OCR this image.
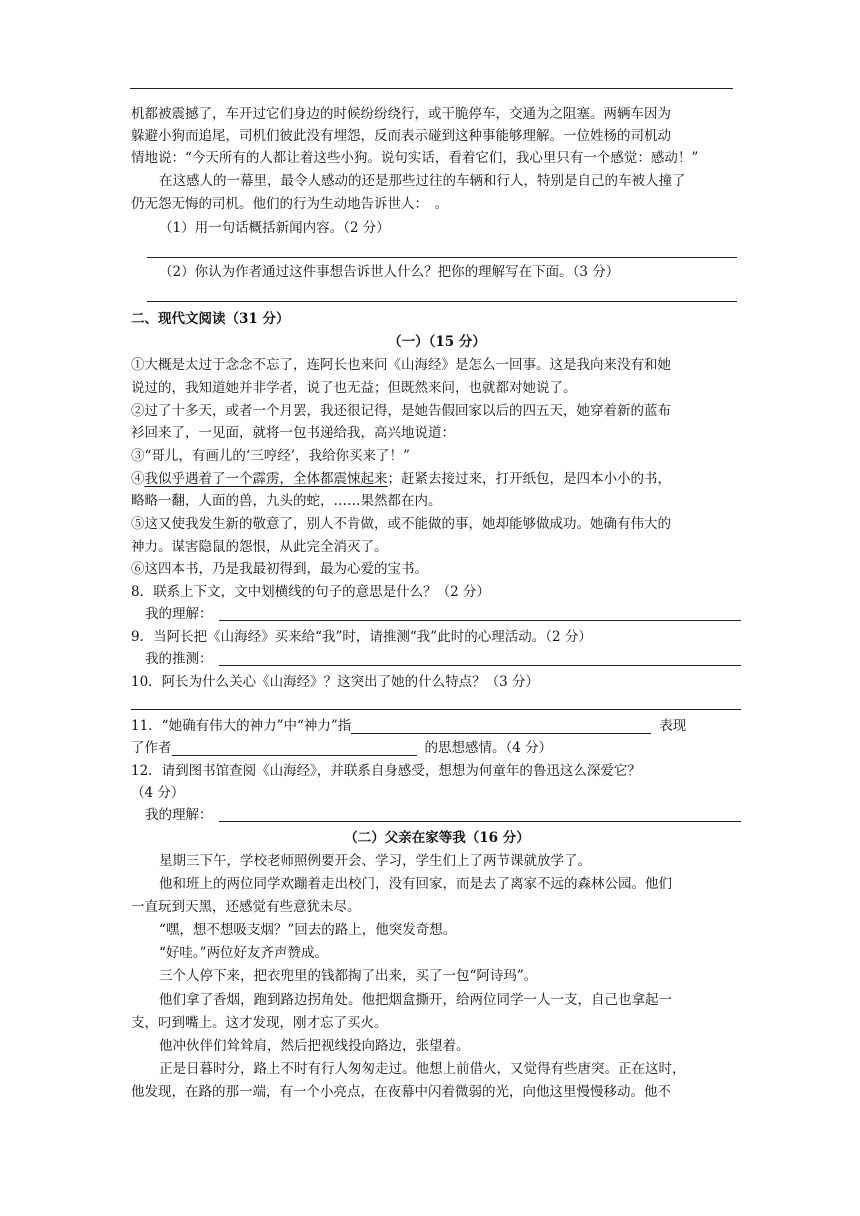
机都被震撼了，车开过它们身边的时候纷纷绕行，或干脆停车，交通为之阻塞。两辆车因为
躲避小狗而追尾，司机们彼此没有埋怨，反而表示碰到这种事能够理解。一位姓杨的司机动
情地说：“今天所有的人都让着这些小狗。说句实话，看着它们，我心里只有一个感觉：感动！”
在这感人的一幕里，最令人感动的还是那些过往的车辆和行人，特别是自己的车被人撞了
仍无怨无悔的司机。他们的行为生动地告诉世人：　。
（1）用一句话概括新闻内容。（2 分）
（2）你认为作者通过这件事想告诉世人什么？把你的理解写在下面。（3 分）
二、现代文阅读（31 分）
（一）（15 分）
①大概是太过于念念不忘了，连阿长也来问《山海经》是怎么一回事。这是我向来没有和她
说过的，我知道她并非学者，说了也无益；但既然来问，也就都对她说了。
②过了十多天，或者一个月罢，我还很记得，是她告假回家以后的四五天，她穿着新的蓝布
衫回来了，一见面，就将一包书递给我，高兴地说道：
③“哥儿，有画儿的‘三哼经’，我给你买来了！”
④我似乎遇着了一个霹雳，全体都震悚起来；赶紧去接过来，打开纸包，是四本小小的书，
略略一翻，人面的兽，九头的蛇，……果然都在内。
⑤这又使我发生新的敬意了，别人不肯做，或不能做的事，她却能够做成功。她确有伟大的
神力。谋害隐鼠的怨恨，从此完全消灭了。
⑥这四本书，乃是我最初得到，最为心爱的宝书。
8．联系上下文，文中划横线的句子的意思是什么？（2 分）
我的理解：
9．当阿长把《山海经》买来给“我”时，请推测“我”此时的心理活动。（2 分）
我的推测：
10．阿长为什么关心《山海经》？这突出了她的什么特点？（3 分）
11．“她确有伟大的神力”中“神力”指	表现
了作者	的思想感情。（4 分）
12．请到图书馆查阅《山海经》，并联系自身感受，想想为何童年的鲁迅这么深爱它？
（4 分）
我的理解：
（二）父亲在家等我（16 分）
星期三下午，学校老师照例要开会、学习，学生们上了两节课就放学了。
他和班上的两位同学欢蹦着走出校门，没有回家，而是去了离家不远的森林公园。他们
一直玩到天黑，还感觉有些意犹未尽。
“嘿，想不想吸支烟？”回去的路上，他突发奇想。
“好哇。”两位好友齐声赞成。
三个人停下来，把衣兜里的钱都掏了出来，买了一包“阿诗玛”。
他们拿了香烟，跑到路边拐角处。他把烟盒撕开，给两位同学一人一支，自己也拿起一
支，叼到嘴上。这才发现，刚才忘了买火。
他冲伙伴们耸耸肩，然后把视线投向路边，张望着。
正是日暮时分，路上不时有行人匆匆走过。他想上前借火，又觉得有些唐突。正在这时，
他发现，在路的那一端，有一个小亮点，在夜幕中闪着微弱的光，向他这里慢慢移动。他不
